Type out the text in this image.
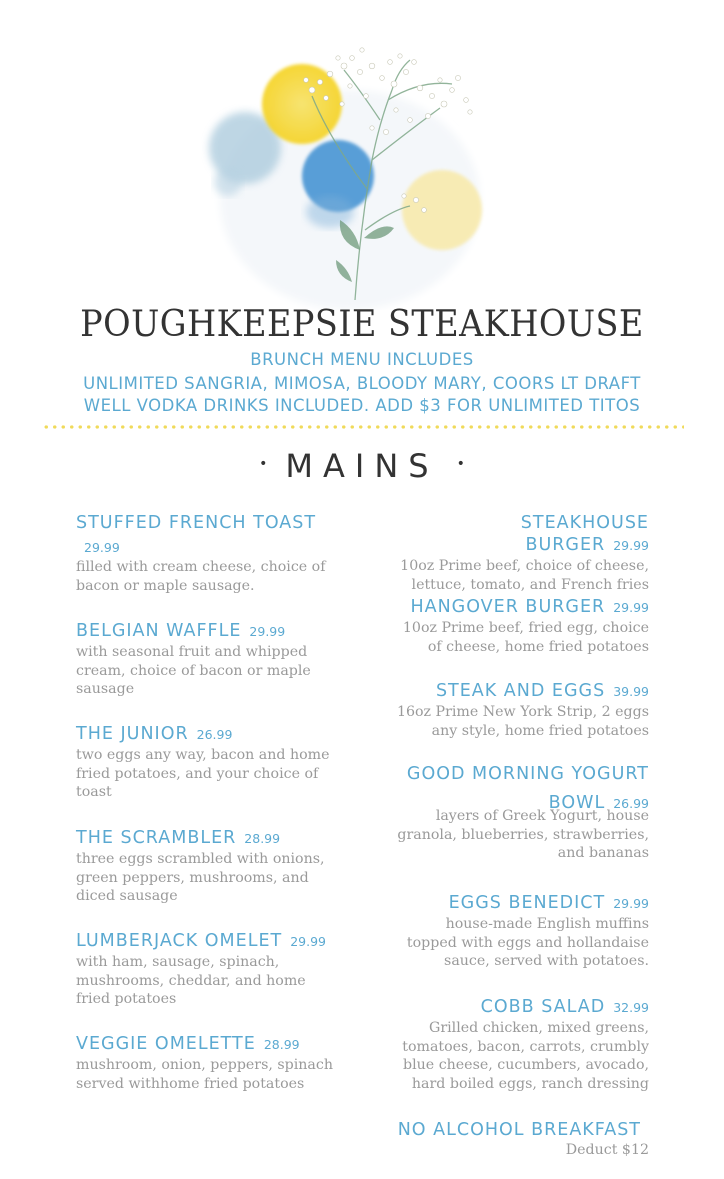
POUGHKEEPSIE STEAKHOUSE
BRUNCH MENU INCLUDES
UNLIMITED SANGRIA, MIMOSA, BLOODY MARY, COORS LT DRAFT
WELL VODKA DRINKS INCLUDED. ADD $3 FOR UNLIMITED TITOS
• MAINS •
STUFFED FRENCH TOAST
29.99
filled with cream cheese, choice of bacon or maple sausage.
BELGIAN WAFFLE 29.99
with seasonal fruit and whipped cream, choice of bacon or maple sausage
THE JUNIOR 26.99
two eggs any way, bacon and home fried potatoes, and your choice of toast
THE SCRAMBLER 28.99
three eggs scrambled with onions, green peppers, mushrooms, and diced sausage
LUMBERJACK OMELET 29.99
with ham, sausage, spinach, mushrooms, cheddar, and home fried potatoes
VEGGIE OMELETTE 28.99
mushroom, onion, peppers, spinach served withhome fried potatoes
STEAKHOUSE BURGER 29.99
10oz Prime beef, choice of cheese, lettuce, tomato, and French fries
HANGOVER BURGER 29.99
10oz Prime beef, fried egg, choice of cheese, home fried potatoes
STEAK AND EGGS 39.99
16oz Prime New York Strip, 2 eggs any style, home fried potatoes
GOOD MORNING YOGURT
BOWL 26.99
layers of Greek Yogurt, house granola, blueberries, strawberries, and bananas
EGGS BENEDICT 29.99
house-made English muffins topped with eggs and hollandaise sauce, served with potatoes.
COBB SALAD 32.99
Grilled chicken, mixed greens, tomatoes, bacon, carrots, crumbly blue cheese, cucumbers, avocado, hard boiled eggs, ranch dressing
NO ALCOHOL BREAKFAST
Deduct $12
